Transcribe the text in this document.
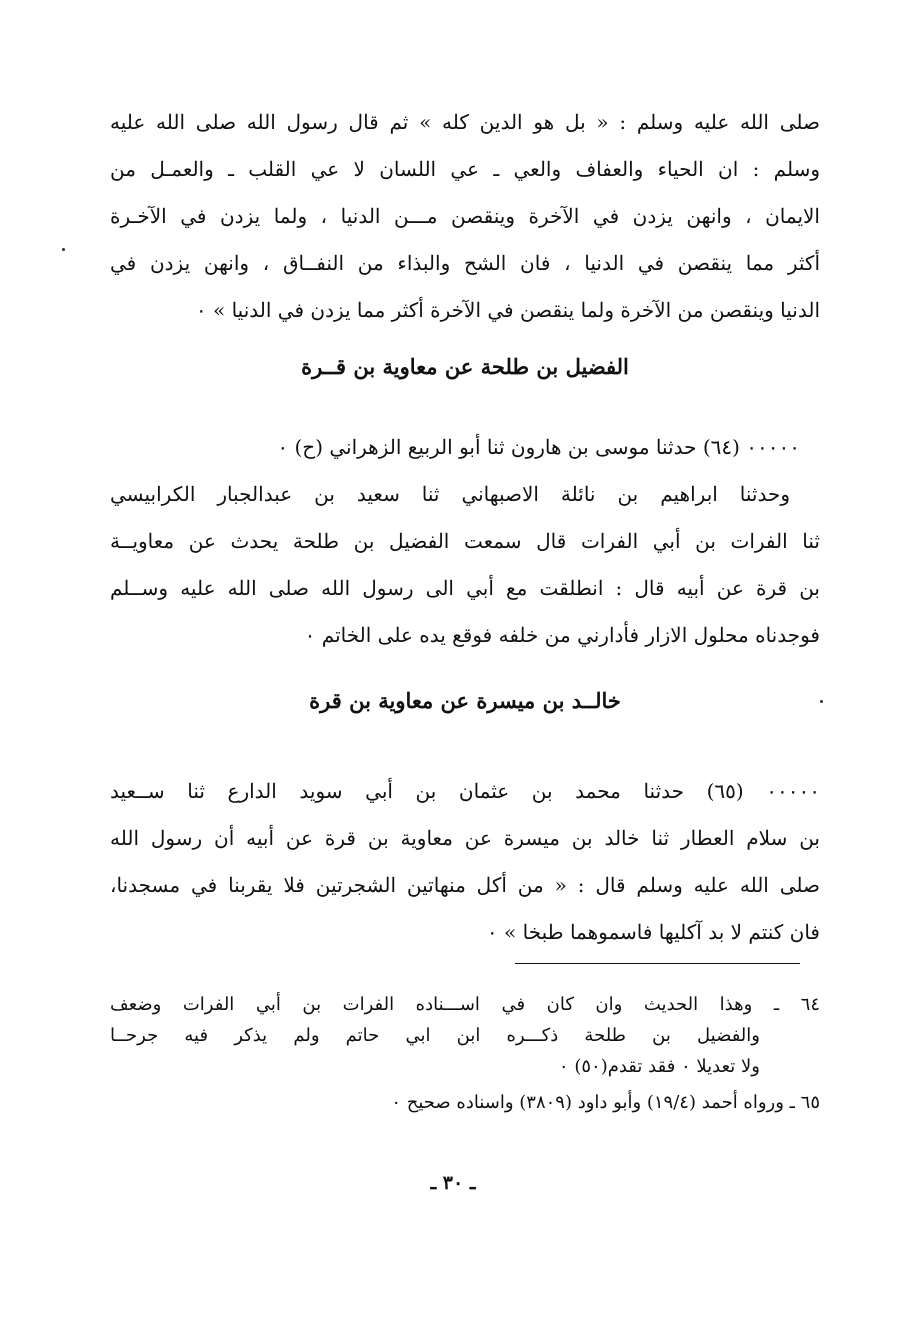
صلى الله عليه وسلم : « بل هو الدين كله » ثم قال رسول الله صلى الله عليه
وسلم : ان الحياء والعفاف والعي ـ عي اللسان لا عي القلب ـ والعمـل من
الايمان ، وانهن يزدن في الآخرة وينقصن مـــن الدنيا ، ولما يزدن في الآخـرة
أكثر مما ينقصن في الدنيا ، فان الشح والبذاء من النفــاق ، وانهن يزدن في
الدنيا وينقصن من الآخرة ولما ينقصن في الآخرة أكثر مما يزدن في الدنيا » ٠
الفضيل بن طلحة عن معاوية بن قــرة
٠٠٠٠٠ (٦٤) حدثنا موسى بن هارون ثنا أبو الربيع الزهراني (ح) ٠
وحدثنا ابراهيم بن نائلة الاصبهاني ثنا سعيد بن عبدالجبار الكرابيسي
ثنا الفرات بن أبي الفرات قال سمعت الفضيل بن طلحة يحدث عن معاويــة
بن قرة عن أبيه قال : انطلقت مع أبي الى رسول الله صلى الله عليه وســلم
فوجدناه محلول الازار فأدارني من خلفه فوقع يده على الخاتم ٠
خالــد بن ميسرة عن معاوية بن قرة
٠٠٠٠٠ (٦٥) حدثنا محمد بن عثمان بن أبي سويد الدارع ثنا ســعيد
بن سلام العطار ثنا خالد بن ميسرة عن معاوية بن قرة عن أبيه أن رسول الله
صلى الله عليه وسلم قال : « من أكل منهاتين الشجرتين فلا يقربنا في مسجدنا،
فان كنتم لا بد آكليها فاسموهما طبخا » ٠
٦٤ ـ وهذا الحديث وان كان في اســـناده الفرات بن أبي الفرات وضعف
والفضيل بن طلحة ذكـــره ابن ابي حاتم ولم يذكر فيه جرحــا
ولا تعديلا ٠ فقد تقدم(٥٠) ٠
٦٥ ـ ورواه أحمد (١٩/٤) وأبو داود (٣٨٠٩) واسناده صحيح ٠
ـ ٣٠ ـ
